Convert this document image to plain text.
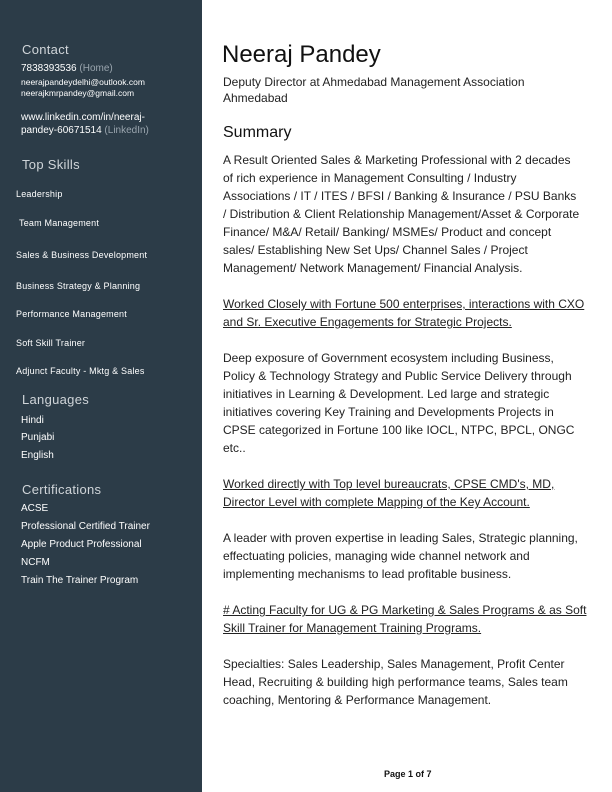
Contact
7838393536 (Home)
neerajpandeydelhi@outlook.com
neerajkmrpandey@gmail.com
www.linkedin.com/in/neeraj-
pandey-60671514 (LinkedIn)
Top Skills
Leadership
Team Management
Sales & Business Development
Business Strategy & Planning
Performance Management
Soft Skill Trainer
Adjunct Faculty - Mktg & Sales
Languages
Hindi
Punjabi
English
Certifications
ACSE
Professional Certified Trainer
Apple Product Professional
NCFM
Train The Trainer Program
Neeraj Pandey
Deputy Director at Ahmedabad Management Association
Ahmedabad
Summary
A Result Oriented Sales & Marketing Professional with 2 decades
of rich experience in Management Consulting / Industry
Associations / IT / ITES / BFSI / Banking & Insurance / PSU Banks
/ Distribution & Client Relationship Management/Asset & Corporate
Finance/ M&A/ Retail/ Banking/ MSMEs/ Product and concept
sales/ Establishing New Set Ups/ Channel Sales / Project
Management/ Network Management/ Financial Analysis.
Worked Closely with Fortune 500 enterprises, interactions with CXO
and Sr. Executive Engagements for Strategic Projects.
Deep exposure of Government ecosystem including Business,
Policy & Technology Strategy and Public Service Delivery through
initiatives in Learning & Development. Led large and strategic
initiatives covering Key Training and Developments Projects in
CPSE categorized in Fortune 100 like IOCL, NTPC, BPCL, ONGC
etc..
Worked directly with Top level bureaucrats, CPSE CMD's, MD,
Director Level with complete Mapping of the Key Account.
A leader with proven expertise in leading Sales, Strategic planning,
effectuating policies, managing wide channel network and
implementing mechanisms to lead profitable business.
# Acting Faculty for UG & PG Marketing & Sales Programs & as Soft
Skill Trainer for Management Training Programs.
Specialties: Sales Leadership, Sales Management, Profit Center
Head, Recruiting & building high performance teams, Sales team
coaching, Mentoring & Performance Management.
Page 1 of 7
